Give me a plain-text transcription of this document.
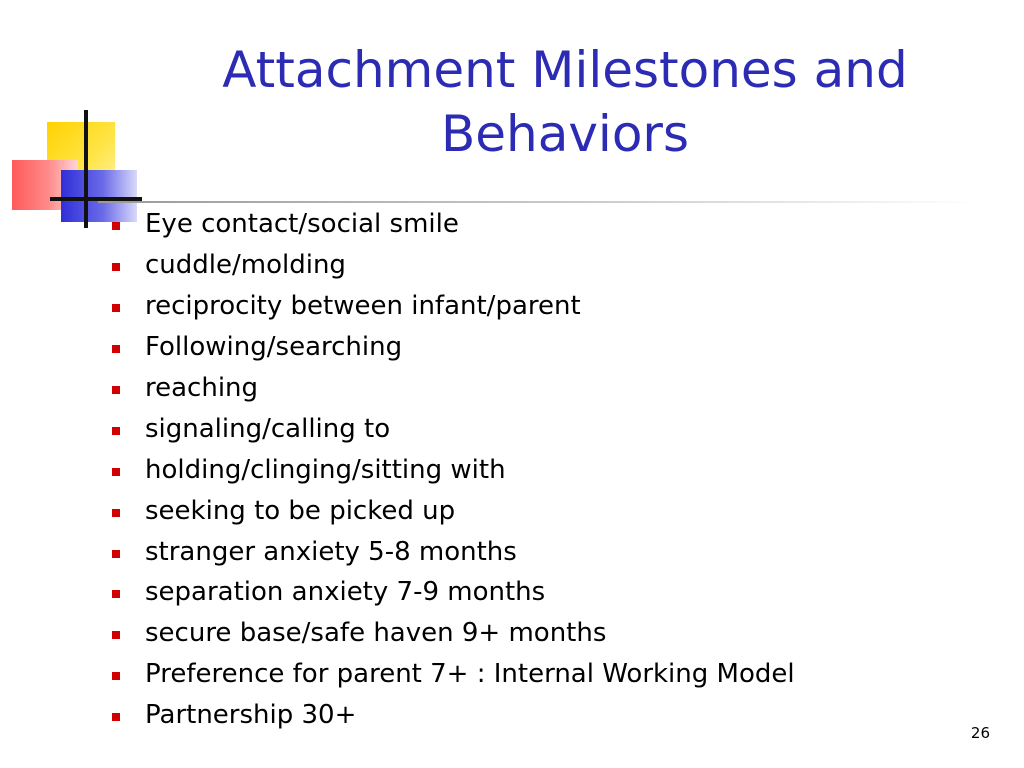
Attachment Milestones and
Behaviors
Eye contact/social smile
cuddle/molding
reciprocity between infant/parent
Following/searching
reaching
signaling/calling to
holding/clinging/sitting with
seeking to be picked up
stranger anxiety 5-8 months
separation anxiety 7-9 months
secure base/safe haven 9+ months
Preference for parent 7+ : Internal Working Model
Partnership 30+
26
